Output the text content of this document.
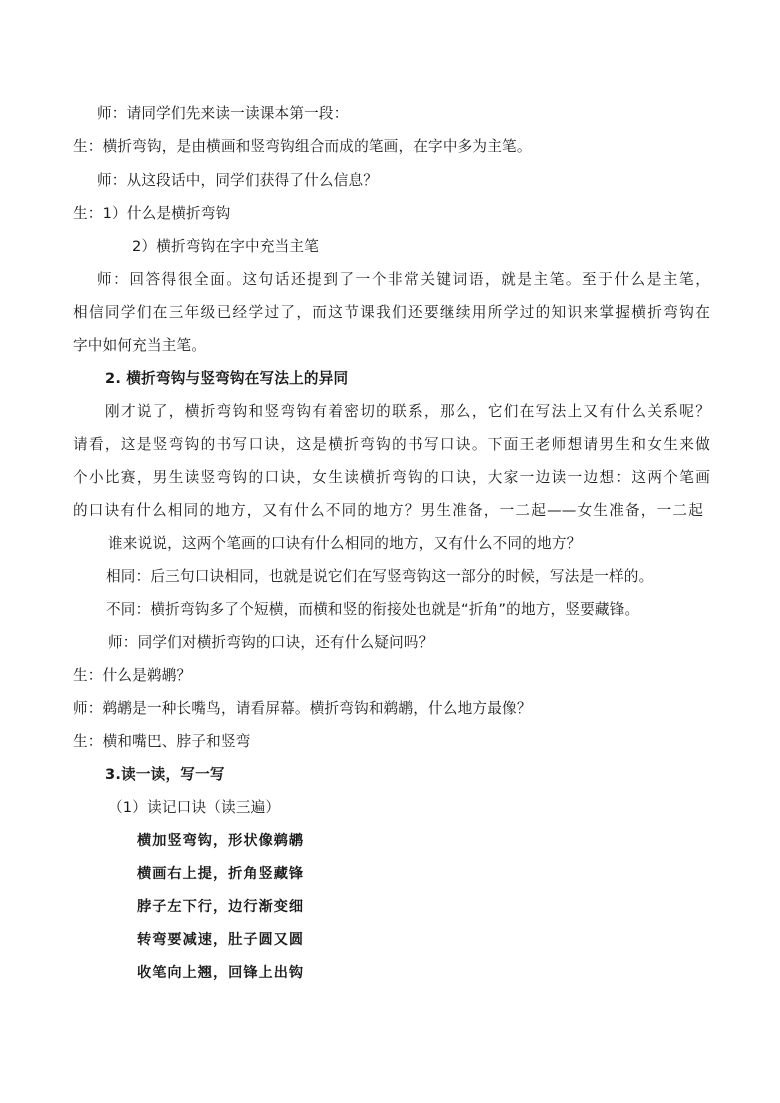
师：请同学们先来读一读课本第一段：
生：横折弯钩，是由横画和竖弯钩组合而成的笔画，在字中多为主笔。
师：从这段话中，同学们获得了什么信息？
生：1）什么是横折弯钩
2）横折弯钩在字中充当主笔
师：回答得很全面。这句话还提到了一个非常关键词语，就是主笔。至于什么是主笔，
相信同学们在三年级已经学过了，而这节课我们还要继续用所学过的知识来掌握横折弯钩在
字中如何充当主笔。
2. 横折弯钩与竖弯钩在写法上的异同
刚才说了，横折弯钩和竖弯钩有着密切的联系，那么，它们在写法上又有什么关系呢？
请看，这是竖弯钩的书写口诀，这是横折弯钩的书写口诀。下面王老师想请男生和女生来做
个小比赛，男生读竖弯钩的口诀，女生读横折弯钩的口诀，大家一边读一边想：这两个笔画
的口诀有什么相同的地方，又有什么不同的地方？男生准备，一二起——女生准备，一二起
谁来说说，这两个笔画的口诀有什么相同的地方，又有什么不同的地方？
相同：后三句口诀相同，也就是说它们在写竖弯钩这一部分的时候，写法是一样的。
不同：横折弯钩多了个短横，而横和竖的衔接处也就是“折角”的地方，竖要藏锋。
师：同学们对横折弯钩的口诀，还有什么疑问吗？
生：什么是鹈鹕？
师：鹈鹕是一种长嘴鸟，请看屏幕。横折弯钩和鹈鹕，什么地方最像？
生：横和嘴巴、脖子和竖弯
3.读一读，写一写
（1）读记口诀（读三遍）
横加竖弯钩，形状像鹈鹕
横画右上提，折角竖藏锋
脖子左下行，边行渐变细
转弯要减速，肚子圆又圆
收笔向上翘，回锋上出钩
